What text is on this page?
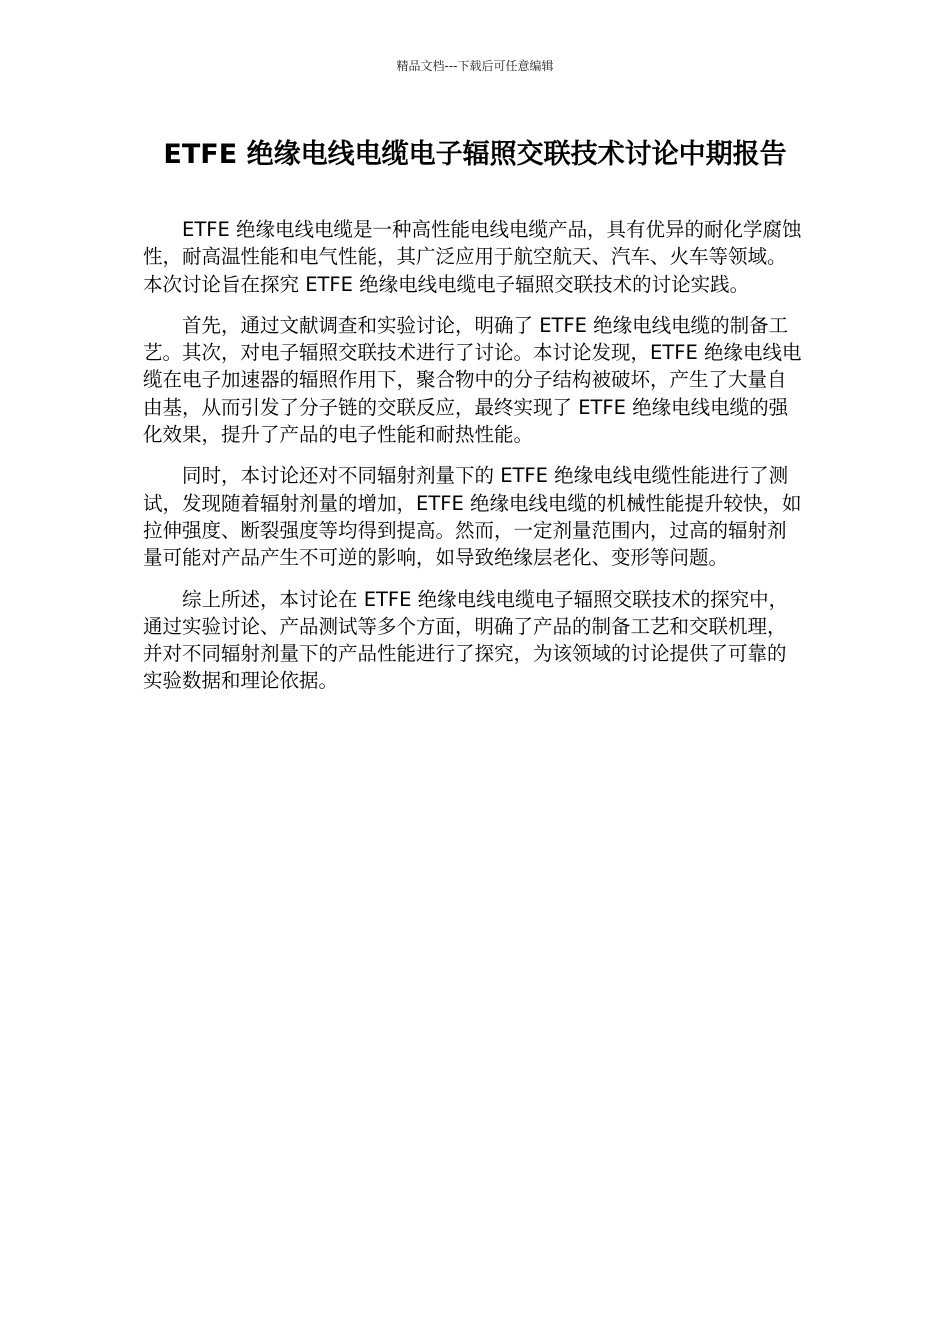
精品文档---下载后可任意编辑
ETFE 绝缘电线电缆电子辐照交联技术讨论中期报告

ETFE 绝缘电线电缆是一种高性能电线电缆产品，具有优异的耐化学腐蚀性，耐高温性能和电气性能，其广泛应用于航空航天、汽车、火车等领域。本次讨论旨在探究 ETFE 绝缘电线电缆电子辐照交联技术的讨论实践。

首先，通过文献调查和实验讨论，明确了 ETFE 绝缘电线电缆的制备工艺。其次，对电子辐照交联技术进行了讨论。本讨论发现，ETFE 绝缘电线电缆在电子加速器的辐照作用下，聚合物中的分子结构被破坏，产生了大量自由基，从而引发了分子链的交联反应，最终实现了 ETFE 绝缘电线电缆的强化效果，提升了产品的电子性能和耐热性能。

同时，本讨论还对不同辐射剂量下的 ETFE 绝缘电线电缆性能进行了测试，发现随着辐射剂量的增加，ETFE 绝缘电线电缆的机械性能提升较快，如拉伸强度、断裂强度等均得到提高。然而，一定剂量范围内，过高的辐射剂量可能对产品产生不可逆的影响，如导致绝缘层老化、变形等问题。

综上所述，本讨论在 ETFE 绝缘电线电缆电子辐照交联技术的探究中，通过实验讨论、产品测试等多个方面，明确了产品的制备工艺和交联机理，并对不同辐射剂量下的产品性能进行了探究，为该领域的讨论提供了可靠的实验数据和理论依据。
